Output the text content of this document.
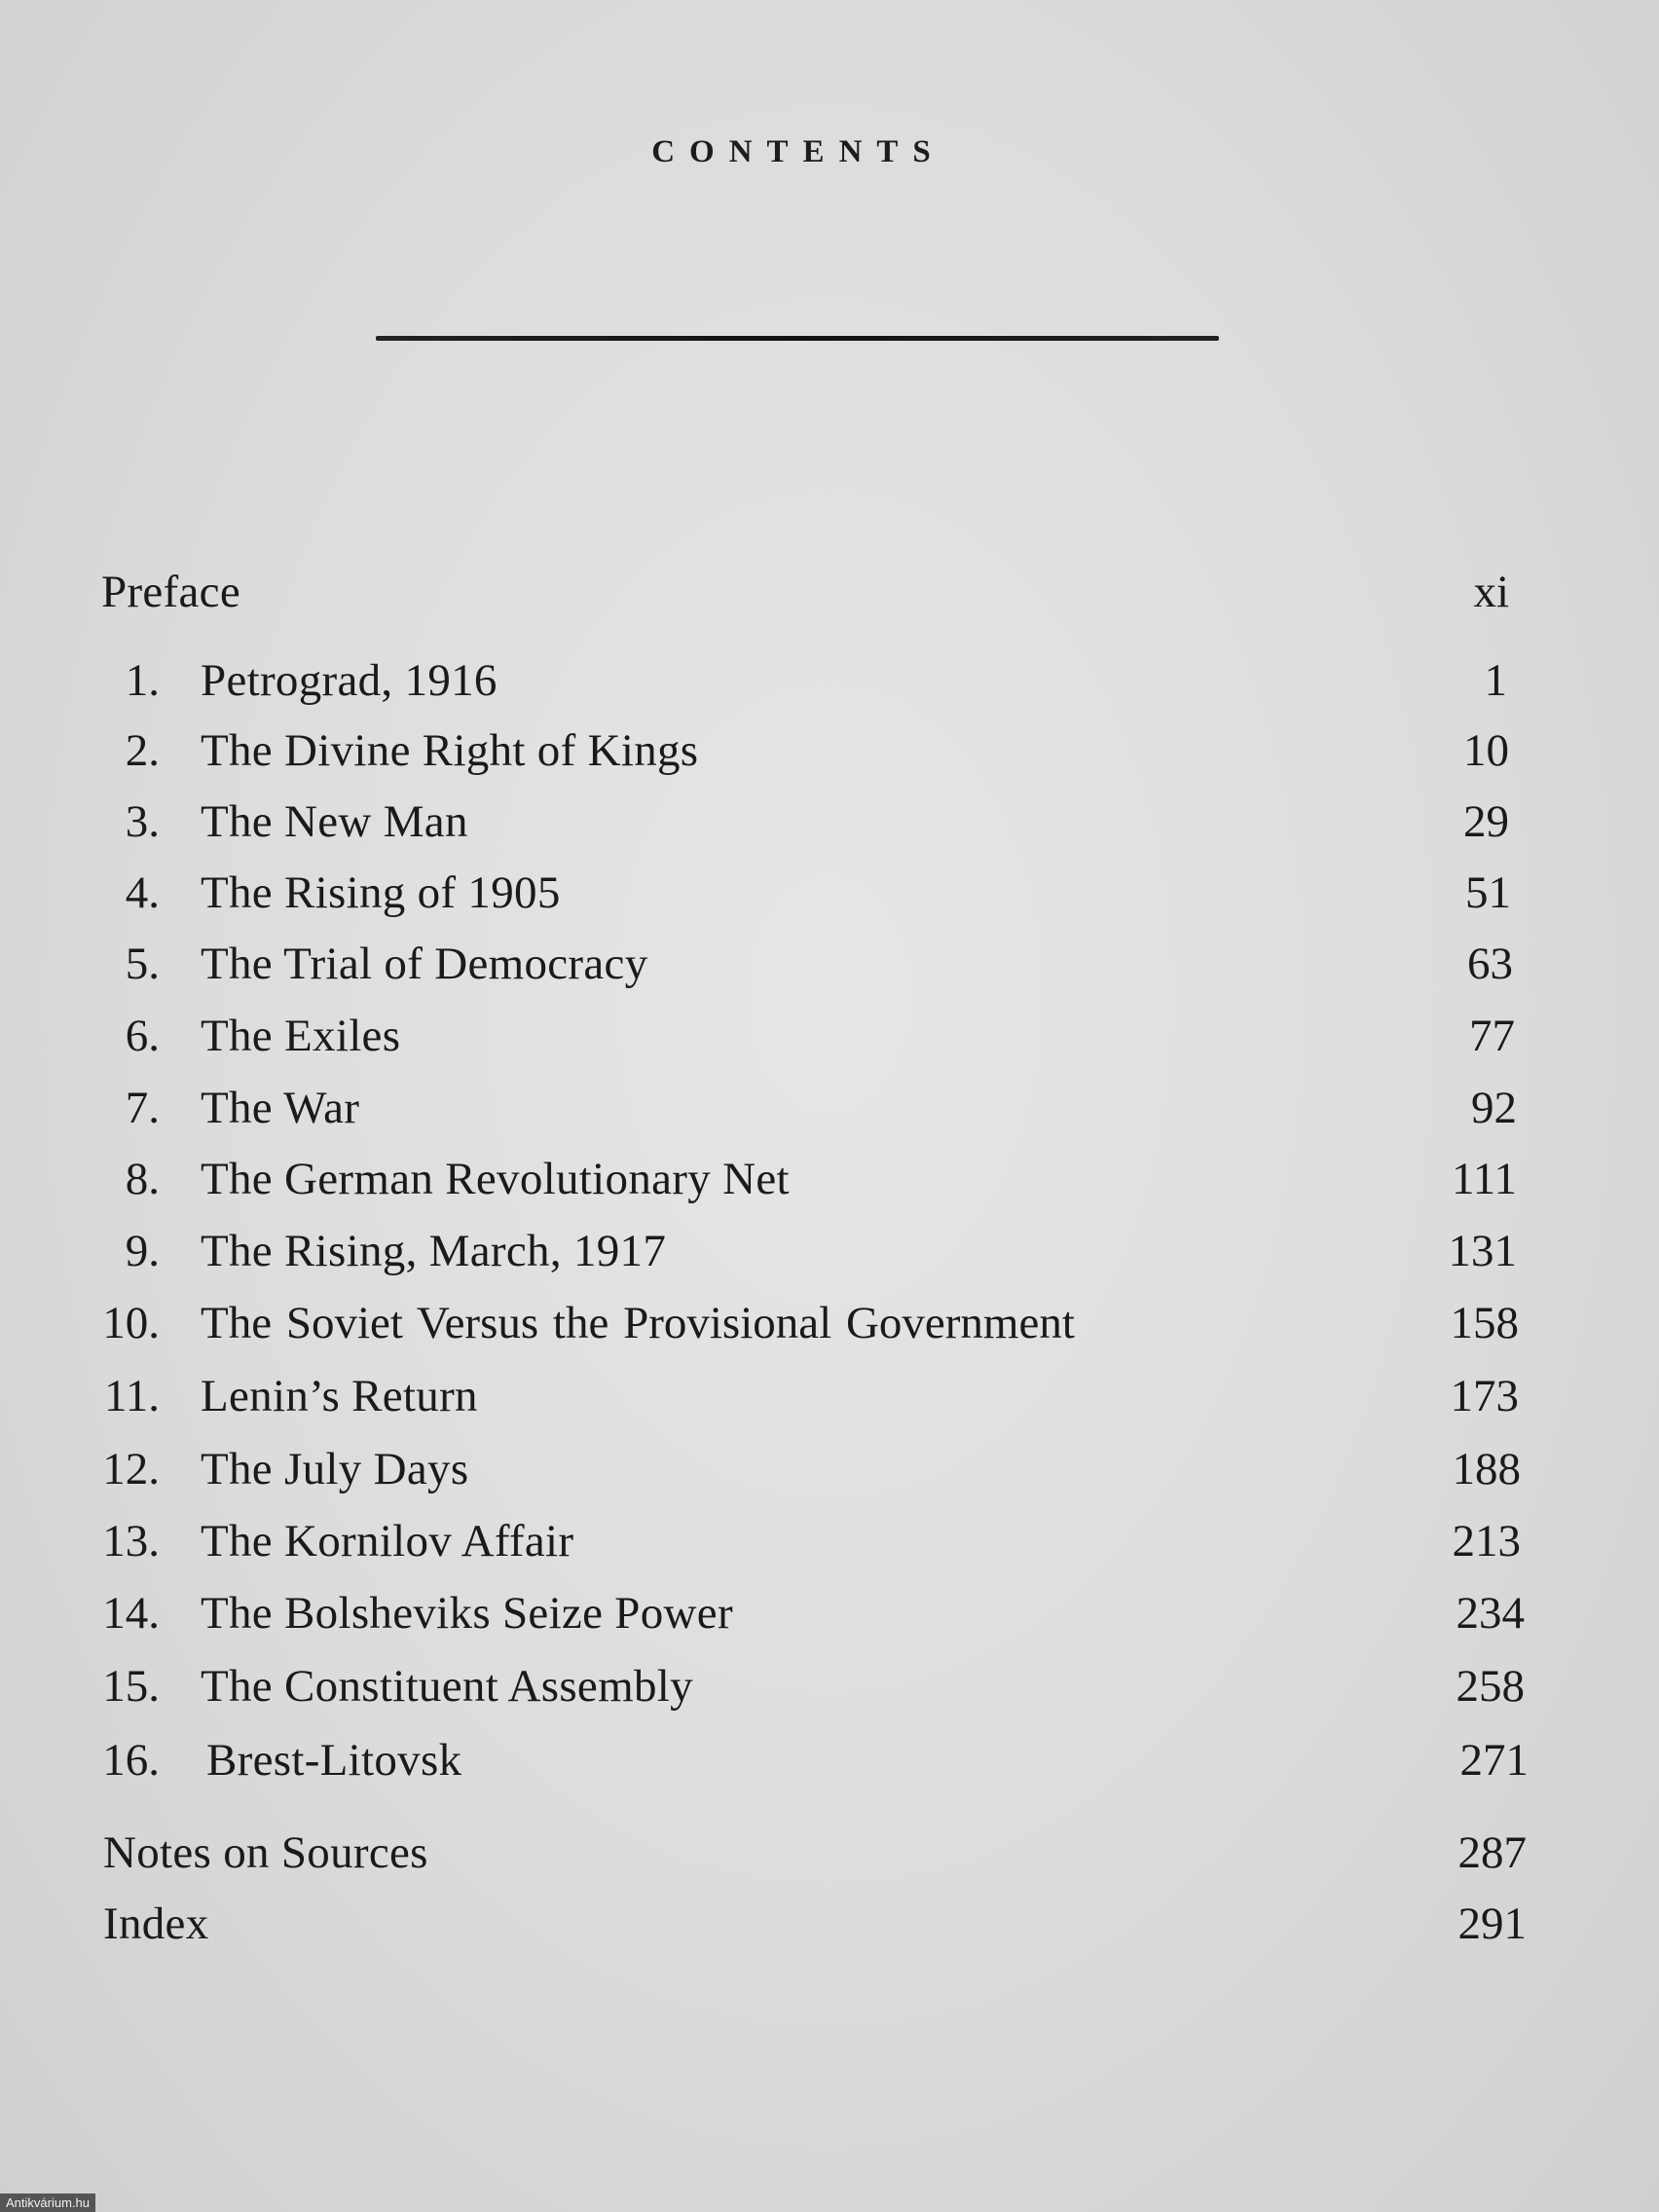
CONTENTS
Preface	xi
1. Petrograd, 1916	1
2. The Divine Right of Kings	10
3. The New Man	29
4. The Rising of 1905	51
5. The Trial of Democracy	63
6. The Exiles	77
7. The War	92
8. The German Revolutionary Net	111
9. The Rising, March, 1917	131
10. The Soviet Versus the Provisional Government	158
11. Lenin’s Return	173
12. The July Days	188
13. The Kornilov Affair	213
14. The Bolsheviks Seize Power	234
15. The Constituent Assembly	258
16. Brest-Litovsk	271
Notes on Sources	287
Index	291
Antikvárium.hu
